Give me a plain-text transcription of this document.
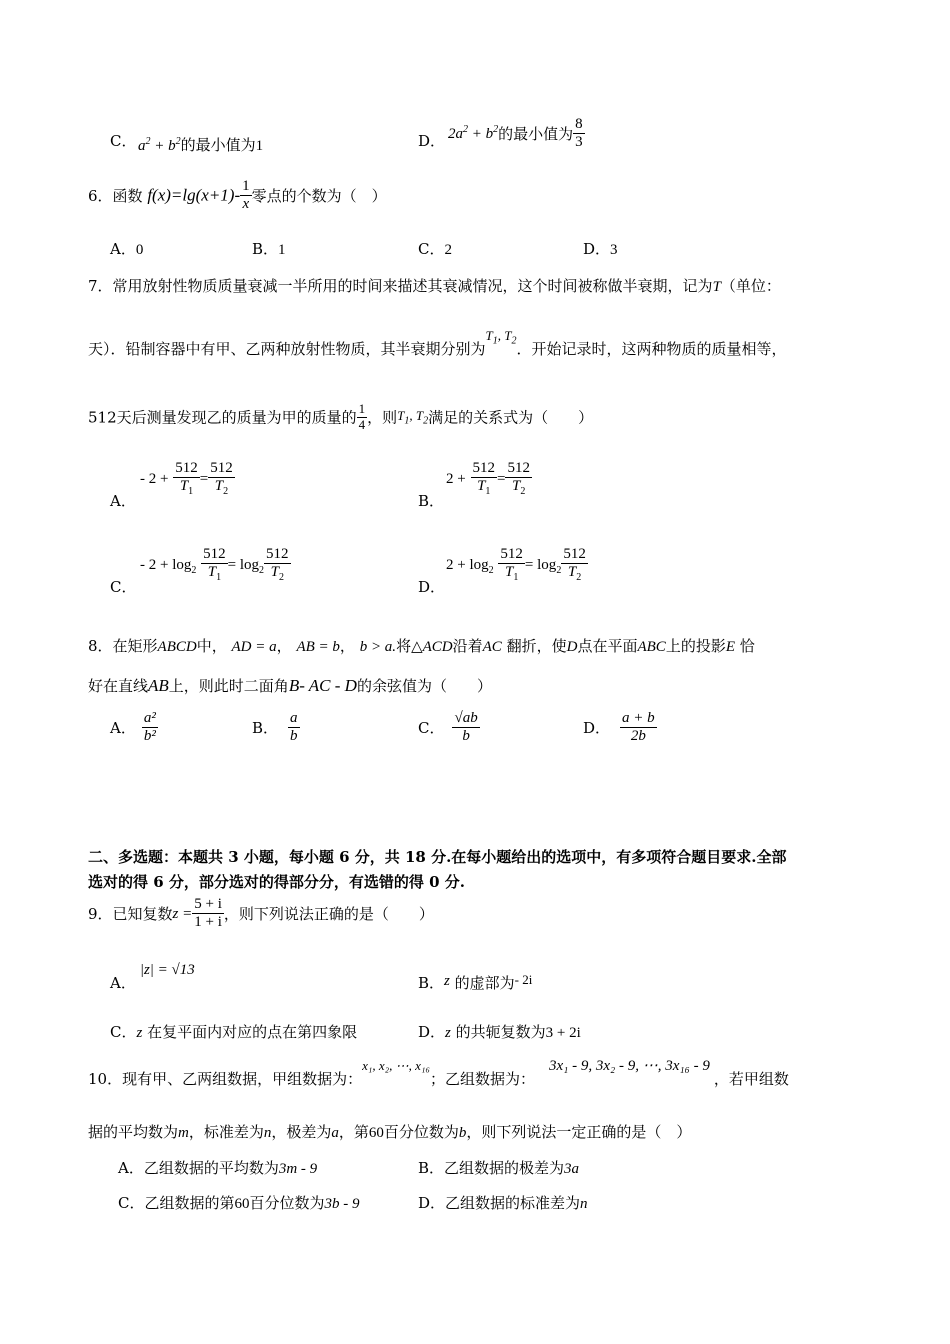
C． $a^2 + b^2$的最小值为1	D． $2a^2 + b^2$的最小值为 $\frac{8}{3}$
6．函数 $f(x)=\lg(x+1)- \frac{1}{x}$ 零点的个数为（　）
A．0	B．1	C．2	D．3
7．常用放射性物质质量衰减一半所用的时间来描述其衰减情况，这个时间被称做半衰期，记为T（单位：
天）．铅制容器中有甲、乙两种放射性物质，其半衰期分别为$T_1$, $T_2$．开始记录时，这两种物质的质量相等，
512天后测量发现乙的质量为甲的质量的 $\frac{1}{4}$ ，则$T_1$, $T_2$满足的关系式为（　　）
A．
- $2 + \frac{512}{T_1} = \frac{512}{T_2}$
B．
$2 + \frac{512}{T_1} = \frac{512}{T_2}$
C．
- $2 + \log_2 \frac{512}{T_1} = \log_2 \frac{512}{T_2}$
D．
$2 + \log_2 \frac{512}{T_1} = \log_2 \frac{512}{T_2}$
8．在矩形ABCD中， AD = a， AB = b， b > a.将△ACD沿着AC 翻折，使D点在平面ABC上的投影E 恰
好在直线AB上，则此时二面角B- AC - D的余弦值为（　　）
A． $\frac{\text{a²}}{\text{b²}}$	B． $\frac{a}{b}$	C． $\frac{√ab}{b}$	D． $\frac{a + b}{2b}$
二、多选题：本题共 3 小题，每小题 6 分，共 18 分.在每小题给出的选项中，有多项符合题目要求.全部
选对的得 6 分，部分选对的得部分分，有选错的得 0 分.
9．已知复数$z = \frac{5 + i}{1 + i}$ ，则下列说法正确的是（　　）
A．|z| = √13
B．z 的虚部为- 2i
C．z 在复平面内对应的点在第四象限	D．z 的共轭复数为3 + 2i
10．现有甲、乙两组数据，甲组数据为：x₁, x₂, ⋯, x₁₆；乙组数据为：3x₁ - 9, 3x₂ - 9, ⋯, 3x₁₆ - 9，若甲组数
据的平均数为m，标准差为n，极差为a，第60百分位数为b，则下列说法一定正确的是（　）
A．乙组数据的平均数为3m - 9	B．乙组数据的极差为3a
C．乙组数据的第60百分位数为3b - 9	D．乙组数据的标准差为n
